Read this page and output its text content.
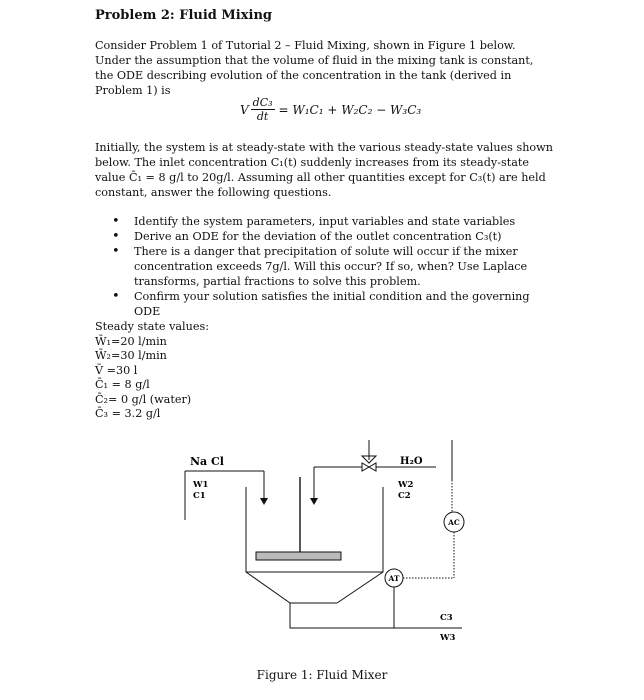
Problem 2: Fluid Mixing
Consider Problem 1 of Tutorial 2 – Fluid Mixing, shown in Figure 1 below. Under the assumption that the volume of fluid in the mixing tank is constant, the ODE describing evolution of the concentration in the tank (derived in Problem 1) is
V $\frac{\text{dC₃}}{dt} = W_1C_1 + W_2C_2 - W_3C_3$
Initially, the system is at steady-state with the various steady-state values shown below. The inlet concentration C₁(t) suddenly increases from its steady-state value C̄₁ = 8 g/l to 20g/l. Assuming all other quantities except for C₃(t) are held constant, answer the following questions.
• Identify the system parameters, input variables and state variables
• Derive an ODE for the deviation of the outlet concentration C₃(t)
• There is a danger that precipitation of solute will occur if the mixer concentration exceeds 7g/l. Will this occur? If so, when? Use Laplace transforms, partial fractions to solve this problem.
• Confirm your solution satisfies the initial condition and the governing ODE
Steady state values:
W̄₁=20 l/min
W̄₂=30 l/min
V̄ =30 l
C̄₁ = 8 g/l
C̄₂= 0 g/l (water)
C̄₃ = 3.2 g/l
Na Cl
W1
C1
H₂O
W2
C2
AT
AC
C3
W3
Figure 1: Fluid Mixer
